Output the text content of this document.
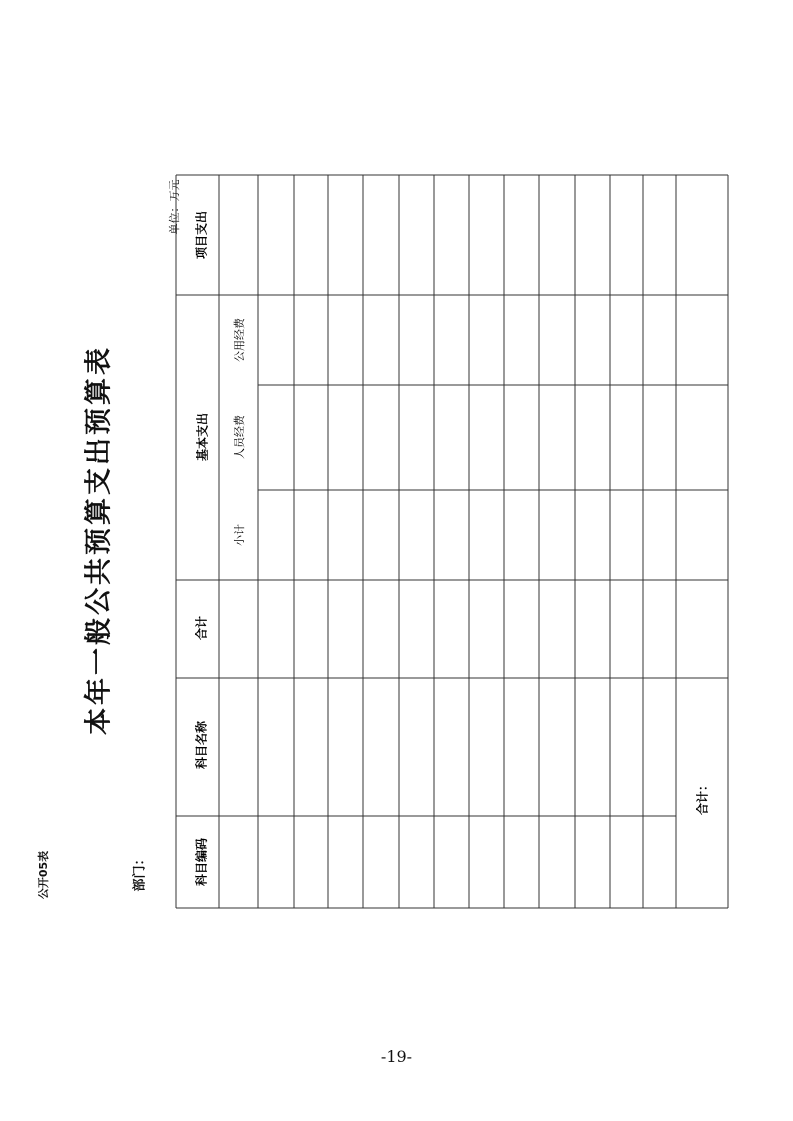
公开05表	部门：
本年一般公共预算支出预算表
单位：万元
科目编码
科目名称
合计
基本支出
小计
人员经费
公用经费
项目支出
合计：
-19-
